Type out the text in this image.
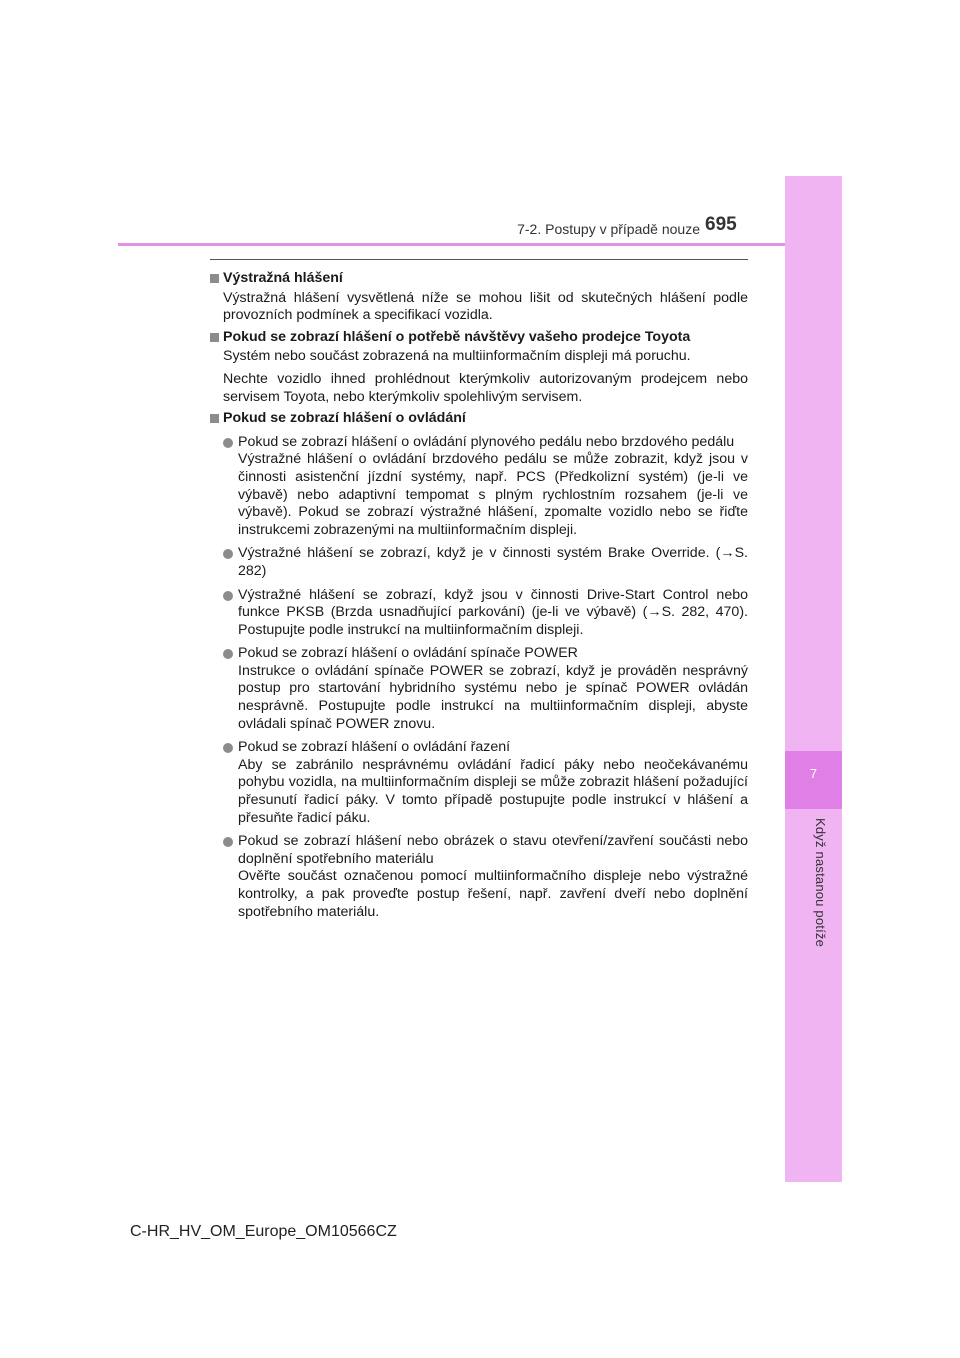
7
Když nastanou potíže
7-2. Postupy v případě nouze 695
Výstražná hlášení
Výstražná hlášení vysvětlená níže se mohou lišit od skutečných hlášení podle provozních podmínek a specifikací vozidla.
Pokud se zobrazí hlášení o potřebě návštěvy vašeho prodejce Toyota
Systém nebo součást zobrazená na multiinformačním displeji má poruchu.
Nechte vozidlo ihned prohlédnout kterýmkoliv autorizovaným prodejcem nebo servisem Toyota, nebo kterýmkoliv spolehlivým servisem.
Pokud se zobrazí hlášení o ovládání
Pokud se zobrazí hlášení o ovládání plynového pedálu nebo brzdového pedálu
Výstražné hlášení o ovládání brzdového pedálu se může zobrazit, když jsou v činnosti asistenční jízdní systémy, např. PCS (Předkolizní systém) (je-li ve výbavě) nebo adaptivní tempomat s plným rychlostním rozsahem (je-li ve výbavě). Pokud se zobrazí výstražné hlášení, zpomalte vozidlo nebo se řiďte instrukcemi zobrazenými na multiinformačním displeji.
Výstražné hlášení se zobrazí, když je v činnosti systém Brake Override. (→S. 282)
Výstražné hlášení se zobrazí, když jsou v činnosti Drive-Start Control nebo funkce PKSB (Brzda usnadňující parkování) (je-li ve výbavě) (→S. 282, 470). Postupujte podle instrukcí na multiinformačním displeji.
Pokud se zobrazí hlášení o ovládání spínače POWER
Instrukce o ovládání spínače POWER se zobrazí, když je prováděn nesprávný postup pro startování hybridního systému nebo je spínač POWER ovládán nesprávně. Postupujte podle instrukcí na multiinformačním displeji, abyste ovládali spínač POWER znovu.
Pokud se zobrazí hlášení o ovládání řazení
Aby se zabránilo nesprávnému ovládání řadicí páky nebo neočekávanému pohybu vozidla, na multiinformačním displeji se může zobrazit hlášení požadující přesunutí řadicí páky. V tomto případě postupujte podle instrukcí v hlášení a přesuňte řadicí páku.
Pokud se zobrazí hlášení nebo obrázek o stavu otevření/zavření součásti nebo doplnění spotřebního materiálu
Ověřte součást označenou pomocí multiinformačního displeje nebo výstražné kontrolky, a pak proveďte postup řešení, např. zavření dveří nebo doplnění spotřebního materiálu.
C-HR_HV_OM_Europe_OM10566CZ
